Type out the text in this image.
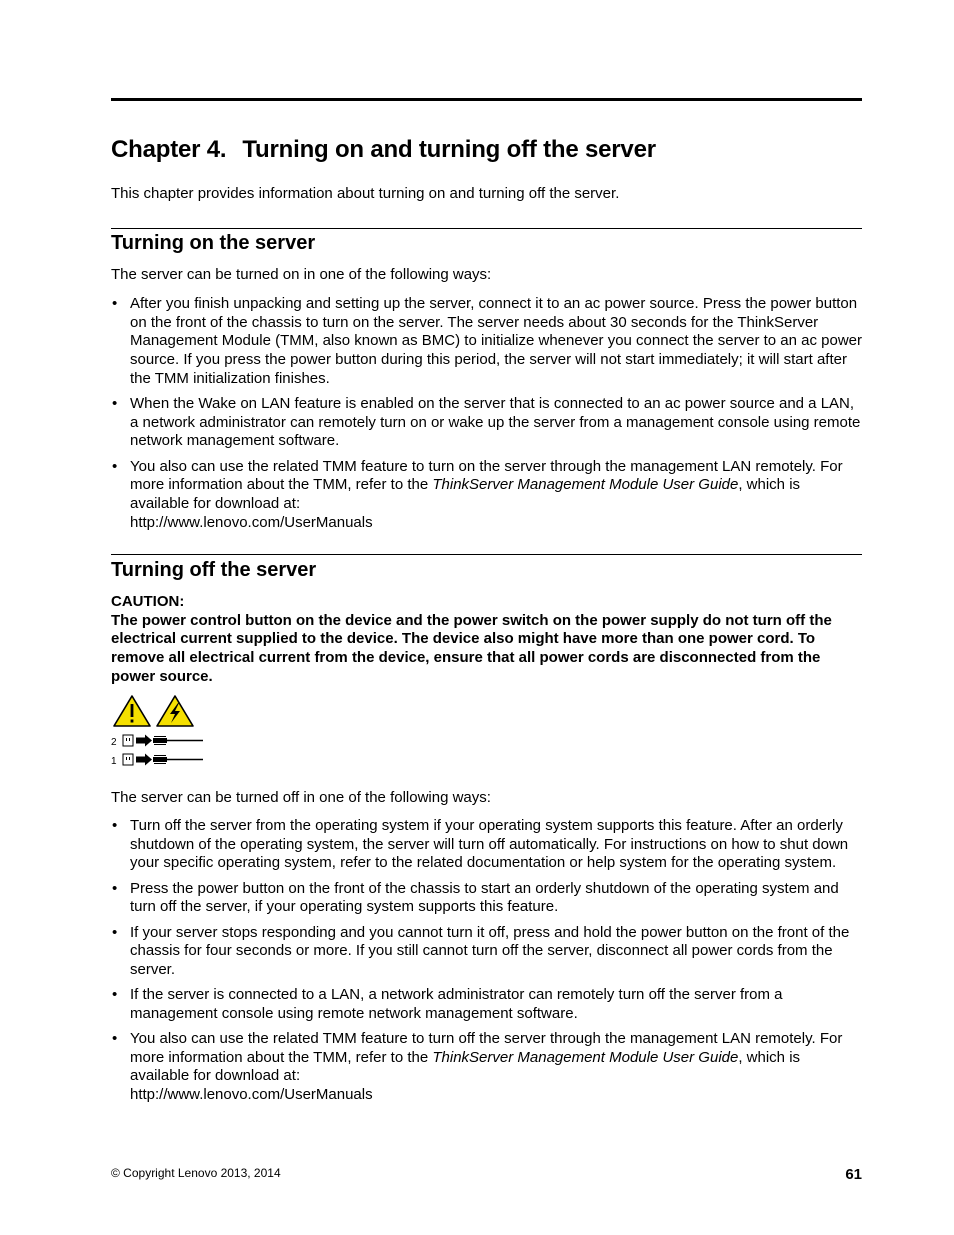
Chapter 4. Turning on and turning off the server

This chapter provides information about turning on and turning off the server.

Turning on the server

The server can be turned on in one of the following ways:

• After you finish unpacking and setting up the server, connect it to an ac power source. Press the power button on the front of the chassis to turn on the server. The server needs about 30 seconds for the ThinkServer Management Module (TMM, also known as BMC) to initialize whenever you connect the server to an ac power source. If you press the power button during this period, the server will not start immediately; it will start after the TMM initialization finishes.
• When the Wake on LAN feature is enabled on the server that is connected to an ac power source and a LAN, a network administrator can remotely turn on or wake up the server from a management console using remote network management software.
• You also can use the related TMM feature to turn on the server through the management LAN remotely. For more information about the TMM, refer to the ThinkServer Management Module User Guide, which is available for download at:
http://www.lenovo.com/UserManuals
Turning off the server
CAUTION:
The power control button on the device and the power switch on the power supply do not turn off the electrical current supplied to the device. The device also might have more than one power cord. To remove all electrical current from the device, ensure that all power cords are disconnected from the power source.
2
1

The server can be turned off in one of the following ways:

• Turn off the server from the operating system if your operating system supports this feature. After an orderly shutdown of the operating system, the server will turn off automatically. For instructions on how to shut down your specific operating system, refer to the related documentation or help system for the operating system.
• Press the power button on the front of the chassis to start an orderly shutdown of the operating system and turn off the server, if your operating system supports this feature.
• If your server stops responding and you cannot turn it off, press and hold the power button on the front of the chassis for four seconds or more. If you still cannot turn off the server, disconnect all power cords from the server.
• If the server is connected to a LAN, a network administrator can remotely turn off the server from a management console using remote network management software.
• You also can use the related TMM feature to turn off the server through the management LAN remotely. For more information about the TMM, refer to the ThinkServer Management Module User Guide, which is available for download at:
http://www.lenovo.com/UserManuals
© Copyright Lenovo 2013, 2014	61
